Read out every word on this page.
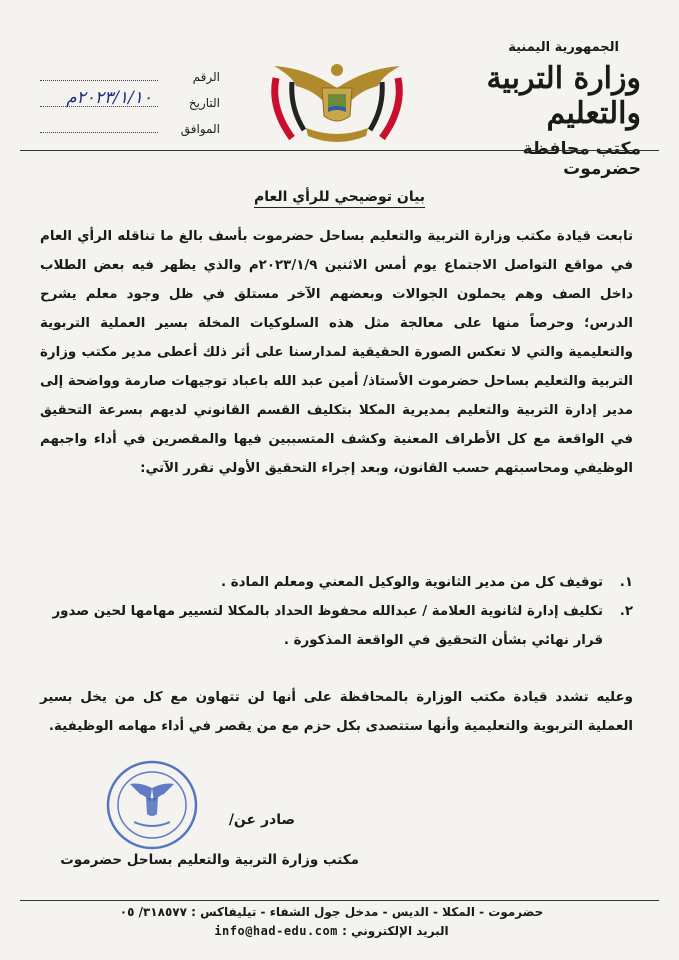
الجمهورية اليمنية
وزارة التربية والتعليم
مكتب محافظة حضرموت
الرقم
التاريخ
٢٠٢٣/١/١٠م
الموافق
بيان توضيحي للرأي العام
تابعت قيادة مكتب وزارة التربية والتعليم بساحل حضرموت بأسف بالغ ما تناقله الرأي العام في مواقع التواصل الاجتماع يوم أمس الاثنين ٢٠٢٣/١/٩م والذي يظهر فيه بعض الطلاب داخل الصف وهم يحملون الجوالات وبعضهم الآخر مستلق في ظل وجود معلم يشرح الدرس؛ وحرصاً منها على معالجة مثل هذه السلوكيات المخلة بسير العملية التربوية والتعليمية والتي لا تعكس الصورة الحقيقية لمدارسنا على أثر ذلك أعطى مدير مكتب وزارة التربية والتعليم بساحل حضرموت الأستاذ/ أمين عبد الله باعباد توجيهات صارمة وواضحة إلى مدير إدارة التربية والتعليم بمديرية المكلا بتكليف القسم القانوني لديهم بسرعة التحقيق في الواقعة مع كل الأطراف المعنية وكشف المتسببين فيها والمقصرين في أداء واجبهم الوظيفي ومحاسبتهم حسب القانون، وبعد إجراء التحقيق الأولي تقرر الآتي:
١.
توقيف كل من مدير الثانوية والوكيل المعني ومعلم المادة .
٢.
تكليف إدارة لثانوية العلامة / عبدالله محفوظ الحداد بالمكلا لتسيير مهامها لحين صدور قرار نهائي بشأن التحقيق في الواقعة المذكورة .
وعليه تشدد قيادة مكتب الوزارة بالمحافظة على أنها لن تتهاون مع كل من يخل بسير العملية التربوية والتعليمية وأنها ستتصدى بكل حزم مع من يقصر في أداء مهامه الوظيفية.
صادر عن/
مكتب وزارة التربية والتعليم بساحل حضرموت
حضرموت - المكلا - الديس - مدخل جول الشفاء - تيليفاكس : ٣١٨٥٧٧/ ٠٥
البريد الإلكتروني : info@had-edu.com
